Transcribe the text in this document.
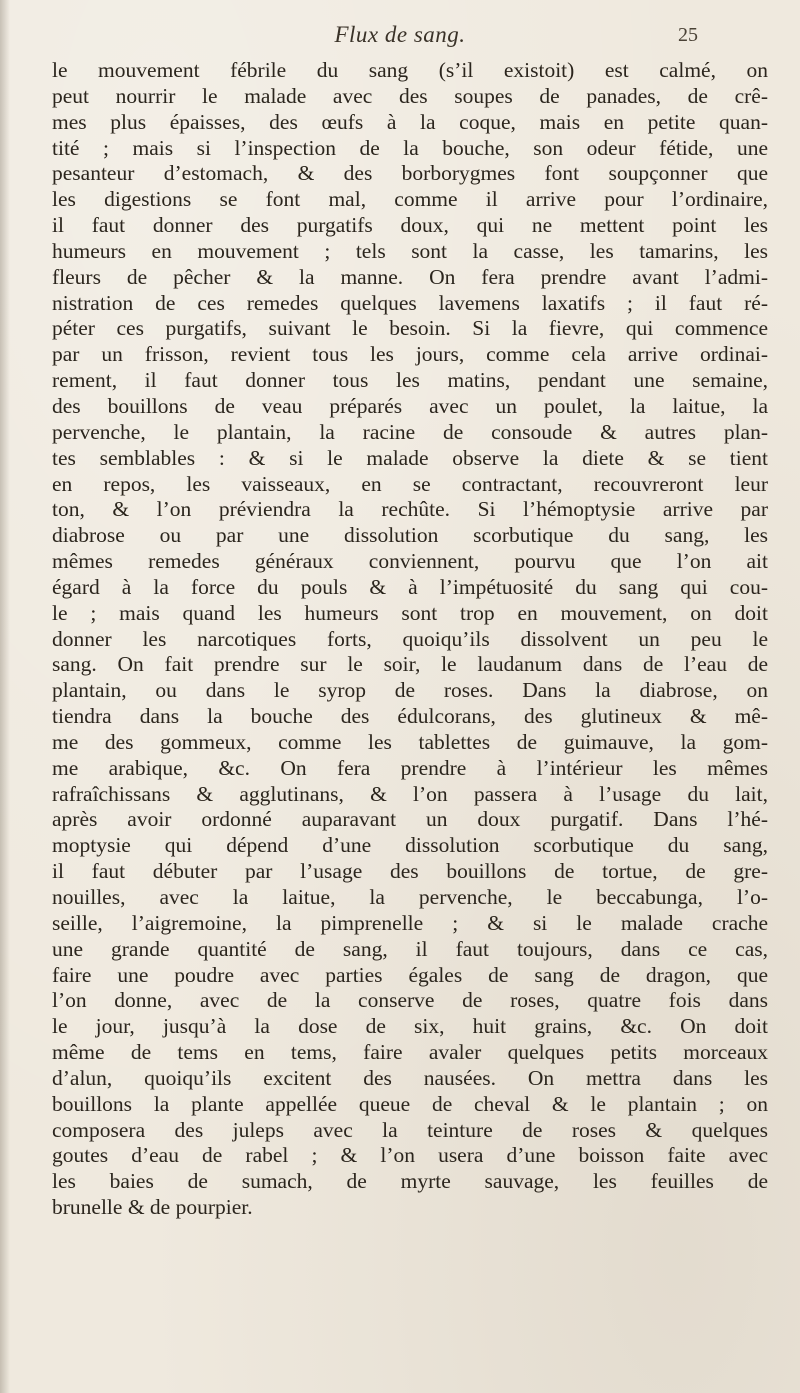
Flux de sang.	25
le mouvement fébrile du sang (s’il existoit) est calmé, on
peut nourrir le malade avec des soupes de panades, de crê-
mes plus épaisses, des œufs à la coque, mais en petite quan-
tité ; mais si l’inspection de la bouche, son odeur fétide, une
pesanteur d’estomach, & des borborygmes font soupçonner que
les digestions se font mal, comme il arrive pour l’ordinaire,
il faut donner des purgatifs doux, qui ne mettent point les
humeurs en mouvement ; tels sont la casse, les tamarins, les
fleurs de pêcher & la manne. On fera prendre avant l’admi-
nistration de ces remedes quelques lavemens laxatifs ; il faut ré-
péter ces purgatifs, suivant le besoin. Si la fievre, qui commence
par un frisson, revient tous les jours, comme cela arrive ordinai-
rement, il faut donner tous les matins, pendant une semaine,
des bouillons de veau préparés avec un poulet, la laitue, la
pervenche, le plantain, la racine de consoude & autres plan-
tes semblables : & si le malade observe la diete & se tient
en repos, les vaisseaux, en se contractant, recouvreront leur
ton, & l’on préviendra la rechûte. Si l’hémoptysie arrive par
diabrose ou par une dissolution scorbutique du sang, les
mêmes remedes généraux conviennent, pourvu que l’on ait
égard à la force du pouls & à l’impétuosité du sang qui cou-
le ; mais quand les humeurs sont trop en mouvement, on doit
donner les narcotiques forts, quoiqu’ils dissolvent un peu le
sang. On fait prendre sur le soir, le laudanum dans de l’eau de
plantain, ou dans le syrop de roses. Dans la diabrose, on
tiendra dans la bouche des édulcorans, des glutineux & mê-
me des gommeux, comme les tablettes de guimauve, la gom-
me arabique, &c. On fera prendre à l’intérieur les mêmes
rafraîchissans & agglutinans, & l’on passera à l’usage du lait,
après avoir ordonné auparavant un doux purgatif. Dans l’hé-
moptysie qui dépend d’une dissolution scorbutique du sang,
il faut débuter par l’usage des bouillons de tortue, de gre-
nouilles, avec la laitue, la pervenche, le beccabunga, l’o-
seille, l’aigremoine, la pimprenelle ; & si le malade crache
une grande quantité de sang, il faut toujours, dans ce cas,
faire une poudre avec parties égales de sang de dragon, que
l’on donne, avec de la conserve de roses, quatre fois dans
le jour, jusqu’à la dose de six, huit grains, &c. On doit
même de tems en tems, faire avaler quelques petits morceaux
d’alun, quoiqu’ils excitent des nausées. On mettra dans les
bouillons la plante appellée queue de cheval & le plantain ; on
composera des juleps avec la teinture de roses & quelques
goutes d’eau de rabel ; & l’on usera d’une boisson faite avec
les baies de sumach, de myrte sauvage, les feuilles de
brunelle & de pourpier.
